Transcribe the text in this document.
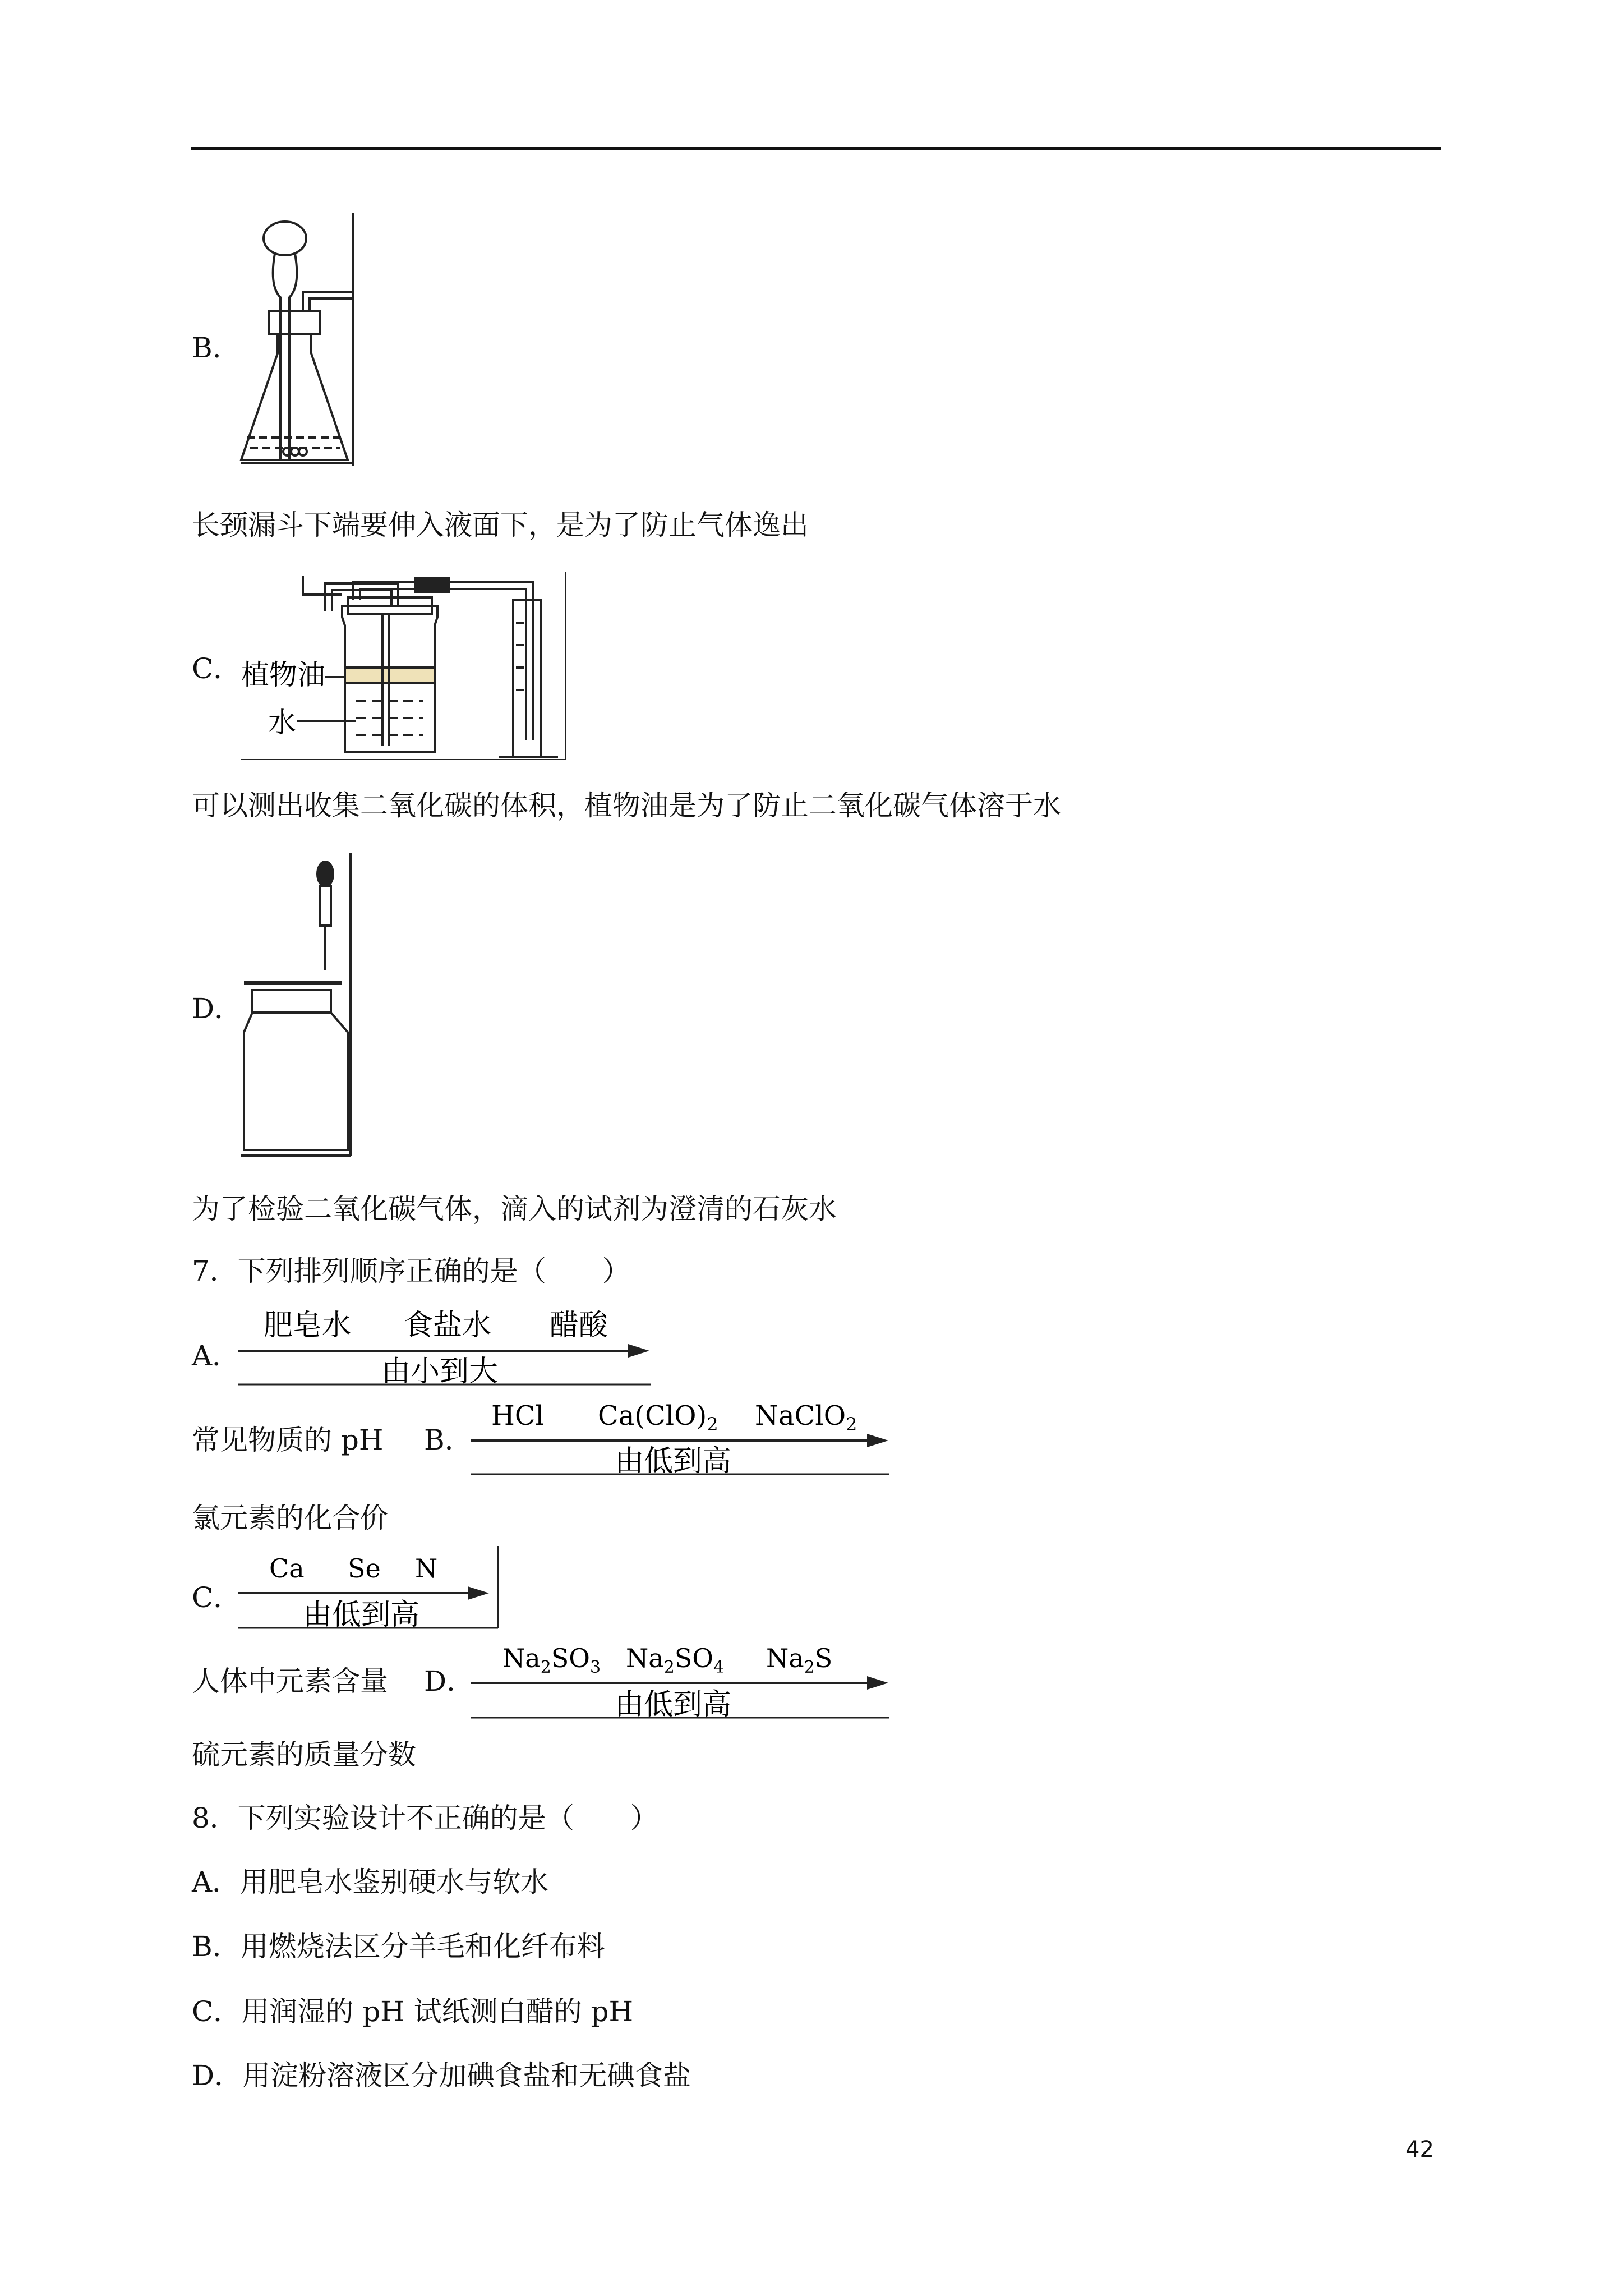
B．
长颈漏斗下端要伸入液面下，是为了防止气体逸出
C． 植物油
水
可以测出收集二氧化碳的体积，植物油是为了防止二氧化碳气体溶于水
D．
为了检验二氧化碳气体，滴入的试剂为澄清的石灰水
7．下列排列顺序正确的是（　　）
A．
肥皂水 食盐水 醋酸
由小到大
常见物质的 pH B．
HCl $Ca(ClO)_2$ NaClO$_2$
由低到高
氯元素的化合价
C．
Ca Se N
由低到高
人体中元素含量 D．
$Na_2SO_3$ $Na_2SO_4$ $Na_2S$
由低到高
硫元素的质量分数
8．下列实验设计不正确的是（　　）
A．用肥皂水鉴别硬水与软水
B．用燃烧法区分羊毛和化纤布料
C．用润湿的 pH 试纸测白醋的 pH
D．用淀粉溶液区分加碘食盐和无碘食盐
42
